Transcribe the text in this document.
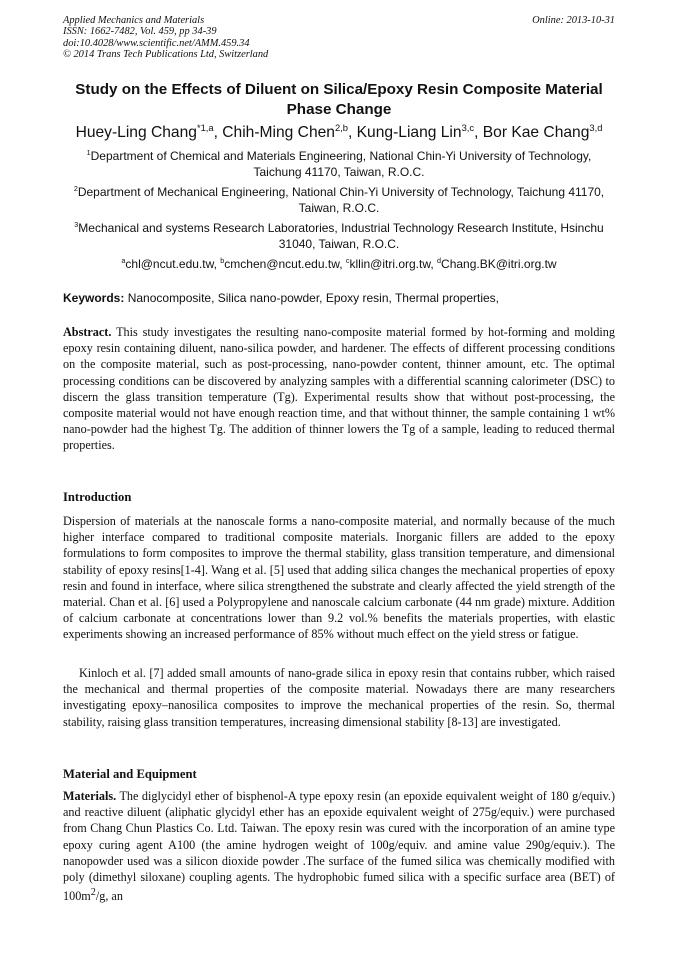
Applied Mechanics and Materials
ISSN: 1662-7482, Vol. 459, pp 34-39
doi:10.4028/www.scientific.net/AMM.459.34
© 2014 Trans Tech Publications Ltd, Switzerland
Online: 2013-10-31
Study on the Effects of Diluent on Silica/Epoxy Resin Composite Material Phase Change
Huey-Ling Chang$^{*1,a}$, Chih-Ming Chen$^{2,b}$, Kung-Liang Lin$^{3,c}$, Bor Kae Chang$^{3,d}$
$^1$Department of Chemical and Materials Engineering, National Chin-Yi University of Technology, Taichung 41170, Taiwan, R.O.C.
$^2$Department of Mechanical Engineering, National Chin-Yi University of Technology, Taichung 41170, Taiwan, R.O.C.
$^3$Mechanical and systems Research Laboratories, Industrial Technology Research Institute, Hsinchu 31040, Taiwan, R.O.C.
$^a$chl@ncut.edu.tw, $^b$cmchen@ncut.edu.tw, $^c$kllin@itri.org.tw, $^d$Chang.BK@itri.org.tw
Keywords: Nanocomposite, Silica nano-powder, Epoxy resin, Thermal properties,
Abstract. This study investigates the resulting nano-composite material formed by hot-forming and molding epoxy resin containing diluent, nano-silica powder, and hardener. The effects of different processing conditions on the composite material, such as post-processing, nano-powder content, thinner amount, etc. The optimal processing conditions can be discovered by analyzing samples with a differential scanning calorimeter (DSC) to discern the glass transition temperature (Tg). Experimental results show that without post-processing, the composite material would not have enough reaction time, and that without thinner, the sample containing 1 wt% nano-powder had the highest Tg. The addition of thinner lowers the Tg of a sample, leading to reduced thermal properties.
Introduction
Dispersion of materials at the nanoscale forms a nano-composite material, and normally because of the much higher interface compared to traditional composite materials. Inorganic fillers are added to the epoxy formulations to form composites to improve the thermal stability, glass transition temperature, and dimensional stability of epoxy resins[1-4]. Wang et al. [5] used that adding silica changes the mechanical properties of epoxy resin and found in interface, where silica strengthened the substrate and clearly affected the yield strength of the material. Chan et al. [6] used a Polypropylene and nanoscale calcium carbonate (44 nm grade) mixture. Addition of calcium carbonate at concentrations lower than 9.2 vol.% benefits the materials properties, with elastic experiments showing an increased performance of 85% without much effect on the yield stress or fatigue.
Kinloch et al. [7] added small amounts of nano-grade silica in epoxy resin that contains rubber, which raised the mechanical and thermal properties of the composite material. Nowadays there are many researchers investigating epoxy–nanosilica composites to improve the mechanical properties of the resin. So, thermal stability, raising glass transition temperatures, increasing dimensional stability [8-13] are investigated.
Material and Equipment
Materials. The diglycidyl ether of bisphenol-A type epoxy resin (an epoxide equivalent weight of 180 g/equiv.) and reactive diluent (aliphatic glycidyl ether has an epoxide equivalent weight of 275g/equiv.) were purchased from Chang Chun Plastics Co. Ltd. Taiwan. The epoxy resin was cured with the incorporation of an amine type epoxy curing agent A100 (the amine hydrogen weight of 100g/equiv. and amine value 290g/equiv.). The nanopowder used was a silicon dioxide powder .The surface of the fumed silica was chemically modified with poly (dimethyl siloxane) coupling agents. The hydrophobic fumed silica with a specific surface area (BET) of $100m^2/g$, an
